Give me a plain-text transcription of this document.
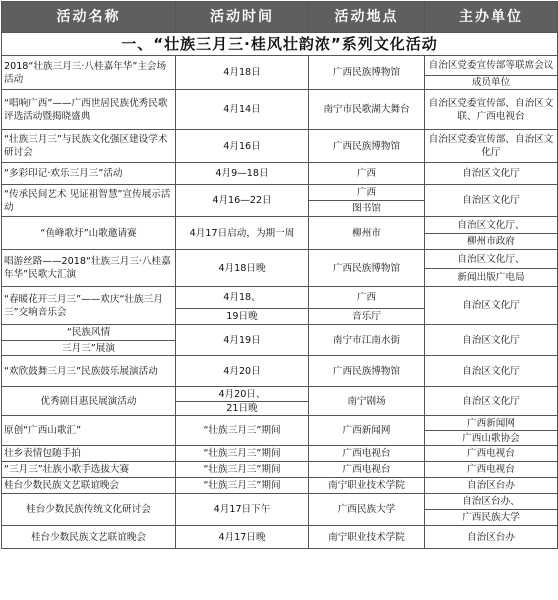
活动名称	活动时间	活动地点	主办单位
一、“壮族三月三·桂风壮韵浓”系列文化活动			
2018“壮族三月三·八桂嘉年华”主会场活动	4月18日	广西民族博物馆	自治区党委宣传部等联席会议
			成员单位
“唱响广西”——广西世居民族优秀民歌评选活动暨揭晓盛典	4月14日	南宁市民歌湖大舞台	自治区党委宣传部、自治区文联、广西电视台
“壮族三月三”与民族文化强区建设学术研讨会	4月16日	广西民族博物馆	自治区党委宣传部、自治区文化厅
“多彩印记·欢乐三月三”活动	4月9—18日	广西	自治区文化厅
“传承民间艺术 见证祖智慧”宣传展示活动	4月16—22日	广西	自治区文化厅
		图书馆	
“鱼峰歌圩”山歌邀请赛	4月17日启动，为期一周	柳州市	自治区文化厅、
			柳州市政府
唱游丝路——2018“壮族三月三·八桂嘉年华”民歌大汇演	4月18日晚	广西民族博物馆	自治区文化厅、
			新闻出版广电局
“春暖花开三月三”——欢庆“壮族三月三”交响音乐会	4月18、	广西	自治区文化厅
	19日晚	音乐厅	
“民族风情	4月19日	南宁市江南水街	自治区文化厅
三月三”展演			
“欢欣鼓舞三月三”民族鼓乐展演活动	4月20日	广西民族博物馆	自治区文化厅
优秀剧目惠民展演活动	4月20日、	南宁剧场	自治区文化厅
	21日晚		
原创“广西山歌汇”	“壮族三月三”期间	广西新闻网	广西新闻网
			广西山歌协会
壮乡表情包随手拍	“壮族三月三”期间	广西电视台	广西电视台
“三月三”壮族小歌手选拔大赛	“壮族三月三”期间	广西电视台	广西电视台
桂台少数民族文艺联谊晚会	“壮族三月三”期间	南宁职业技术学院	自治区台办
桂台少数民族传统文化研讨会	4月17日下午	广西民族大学	自治区台办、
			广西民族大学
桂台少数民族文艺联谊晚会	4月17日晚	南宁职业技术学院	自治区台办
